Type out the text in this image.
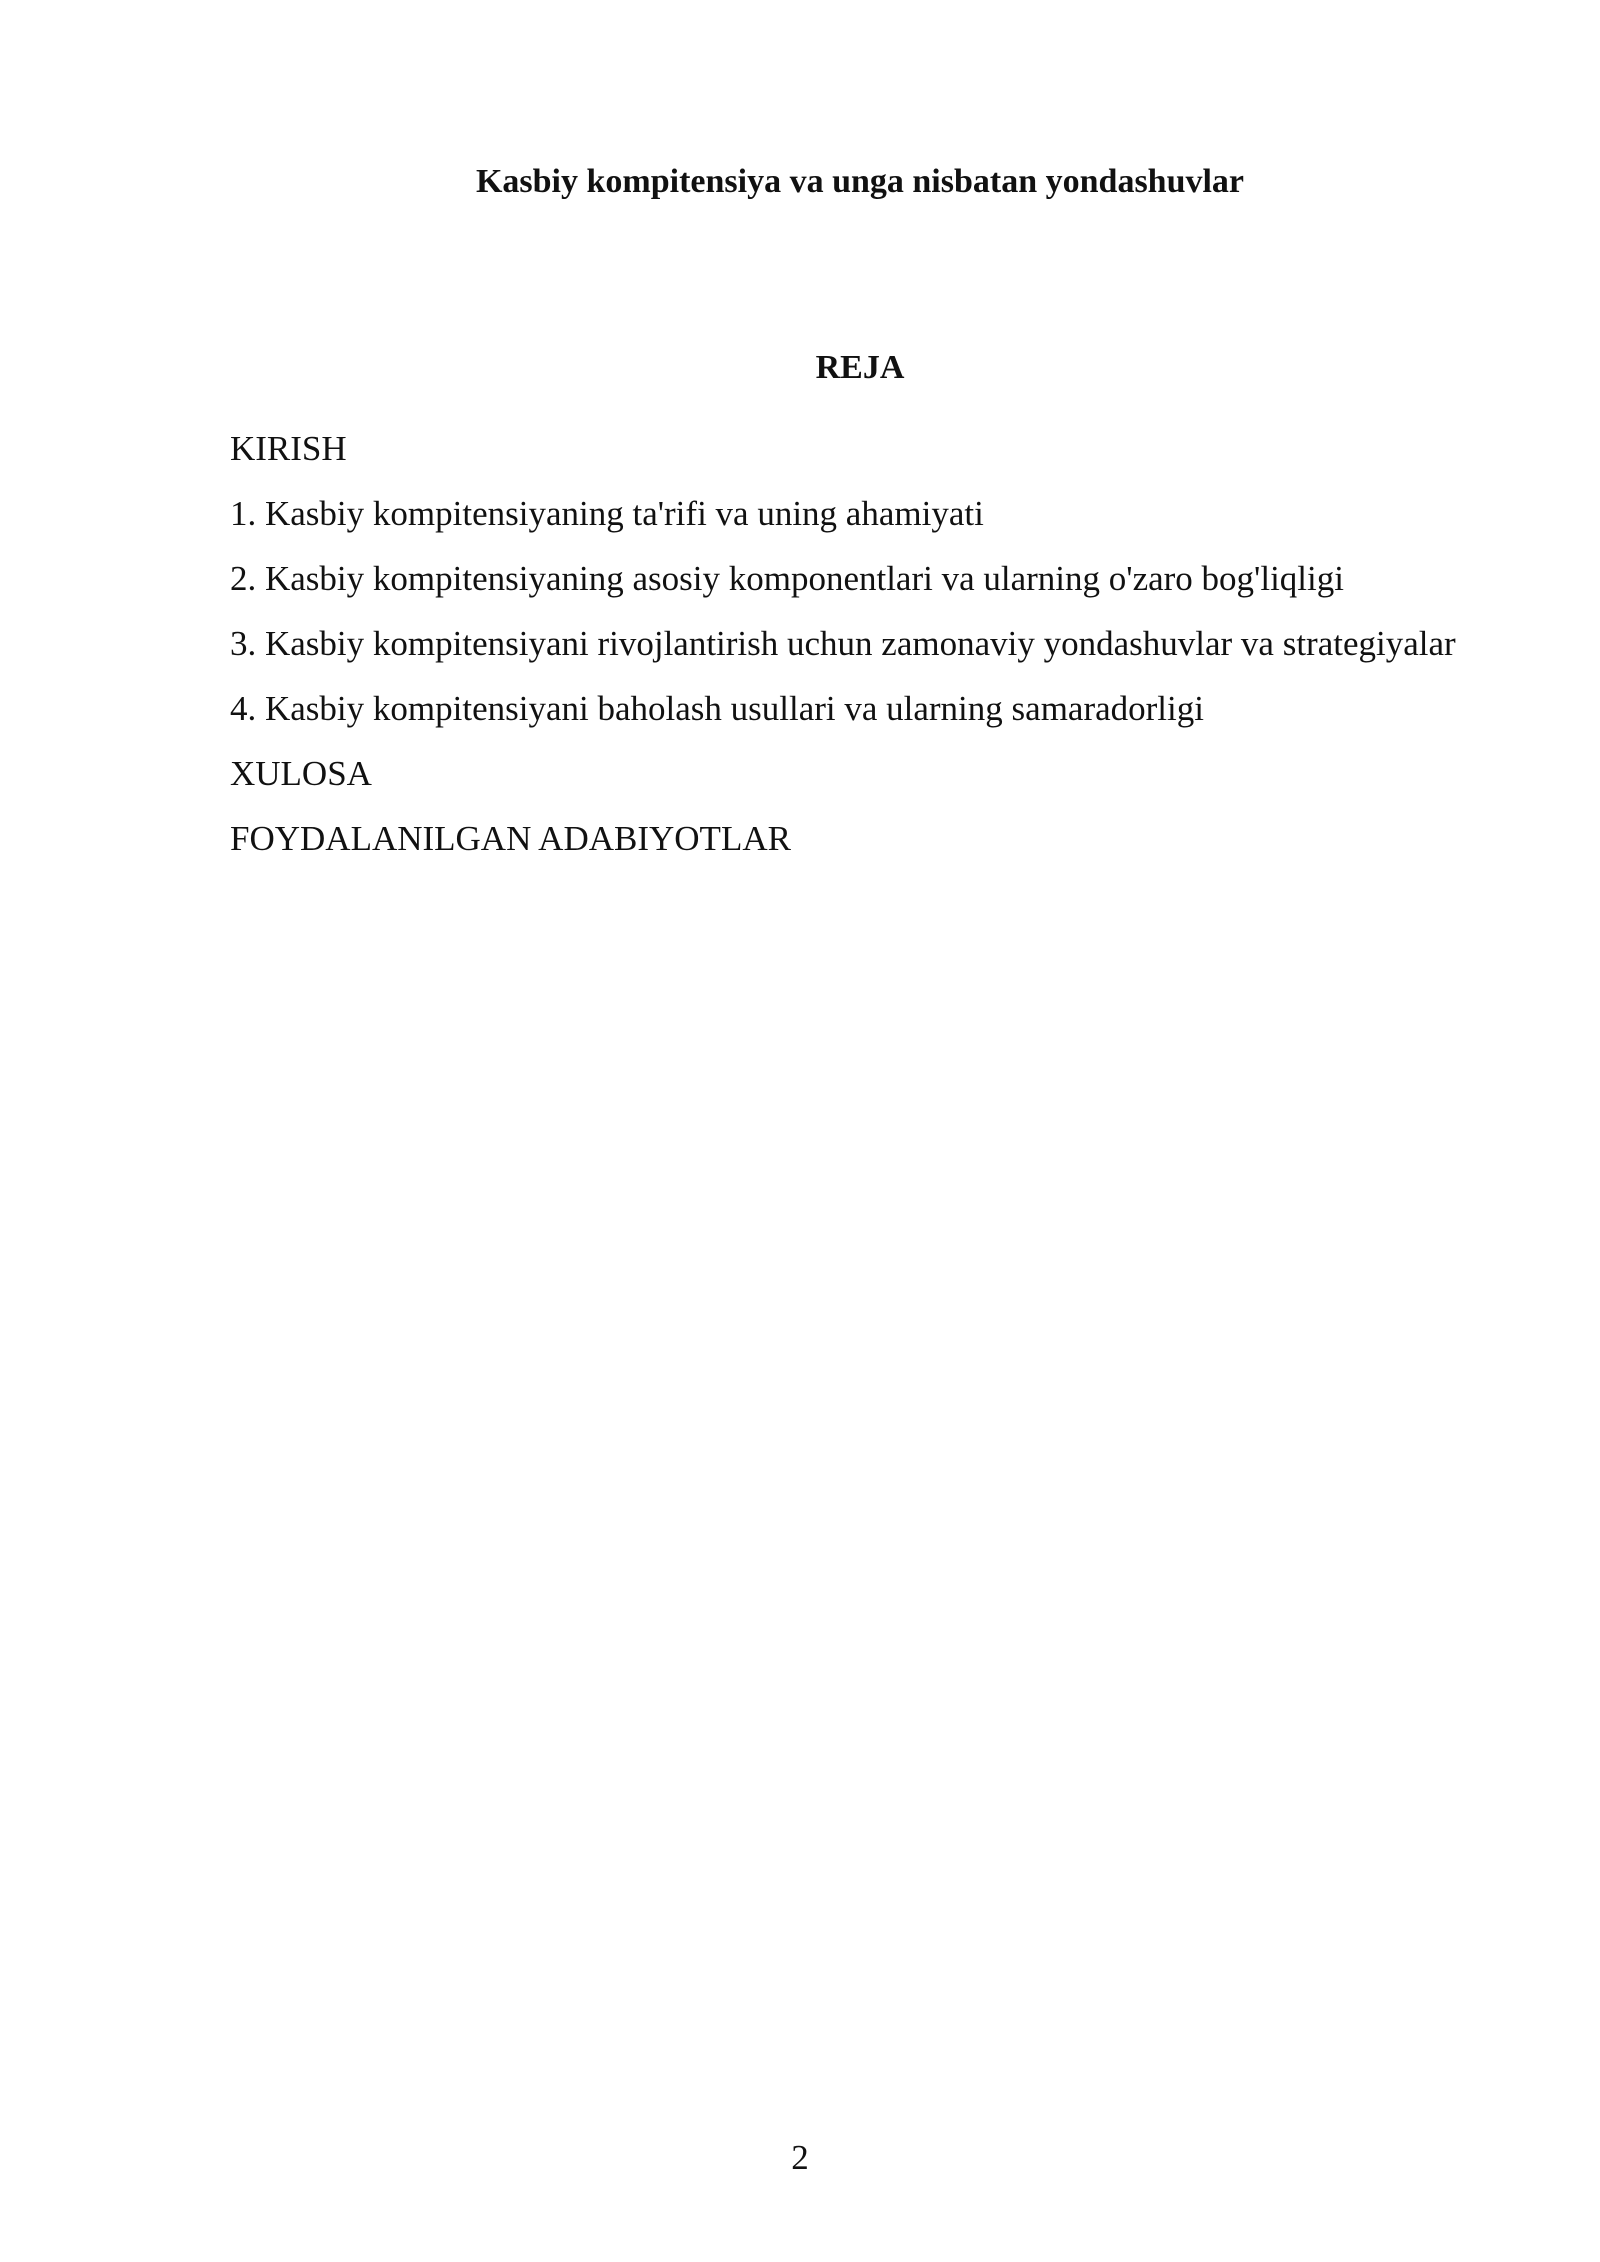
Kasbiy kompitensiya va unga nisbatan yondashuvlar
REJA
KIRISH
1. Kasbiy kompitensiyaning ta'rifi va uning ahamiyati
2. Kasbiy kompitensiyaning asosiy komponentlari va ularning o'zaro bog'liqligi
3. Kasbiy kompitensiyani rivojlantirish uchun zamonaviy yondashuvlar va strategiyalar
4. Kasbiy kompitensiyani baholash usullari va ularning samaradorligi
XULOSA
FOYDALANILGAN ADABIYOTLAR
2
